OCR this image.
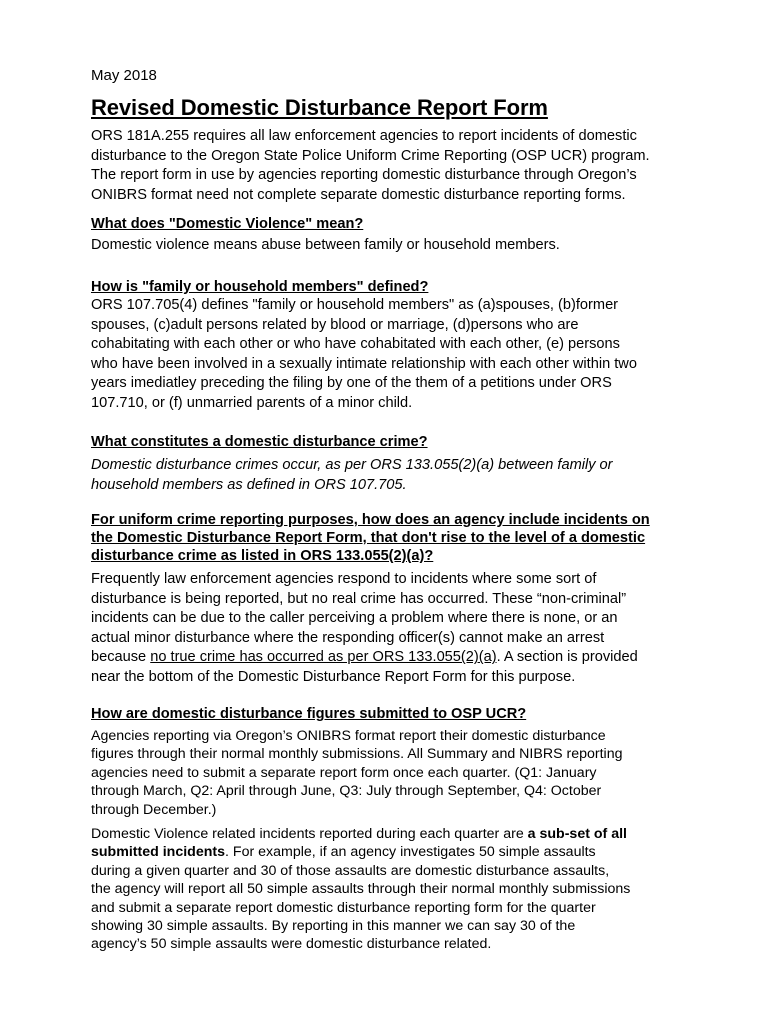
May 2018
Revised Domestic Disturbance Report Form
ORS 181A.255 requires all law enforcement agencies to report incidents of domestic
disturbance to the Oregon State Police Uniform Crime Reporting (OSP UCR) program.
The report form in use by agencies reporting domestic disturbance through Oregon’s
ONIBRS format need not complete separate domestic disturbance reporting forms.
What does "Domestic Violence" mean?
Domestic violence means abuse between family or household members.
How is "family or household members" defined?
ORS 107.705(4) defines "family or household members" as (a)spouses, (b)former
spouses, (c)adult persons related by blood or marriage, (d)persons who are
cohabitating with each other or who have cohabitated with each other, (e) persons
who have been involved in a sexually intimate relationship with each other within two
years imediatley preceding the filing by one of the them of a petitions under ORS
107.710, or (f) unmarried parents of a minor child.
What constitutes a domestic disturbance crime?
Domestic disturbance crimes occur, as per ORS 133.055(2)(a) between family or
household members as defined in ORS 107.705.
For uniform crime reporting purposes, how does an agency include incidents on
the Domestic Disturbance Report Form, that don't rise to the level of a domestic
disturbance crime as listed in ORS 133.055(2)(a)?
Frequently law enforcement agencies respond to incidents where some sort of
disturbance is being reported, but no real crime has occurred. These “non-criminal”
incidents can be due to the caller perceiving a problem where there is none, or an
actual minor disturbance where the responding officer(s) cannot make an arrest
because no true crime has occurred as per ORS 133.055(2)(a). A section is provided
near the bottom of the Domestic Disturbance Report Form for this purpose.
How are domestic disturbance figures submitted to OSP UCR?
Agencies reporting via Oregon’s ONIBRS format report their domestic disturbance
figures through their normal monthly submissions. All Summary and NIBRS reporting
agencies need to submit a separate report form once each quarter. (Q1: January
through March, Q2: April through June, Q3: July through September, Q4: October
through December.)
Domestic Violence related incidents reported during each quarter are a sub-set of all
submitted incidents. For example, if an agency investigates 50 simple assaults
during a given quarter and 30 of those assaults are domestic disturbance assaults,
the agency will report all 50 simple assaults through their normal monthly submissions
and submit a separate report domestic disturbance reporting form for the quarter
showing 30 simple assaults. By reporting in this manner we can say 30 of the
agency’s 50 simple assaults were domestic disturbance related.
